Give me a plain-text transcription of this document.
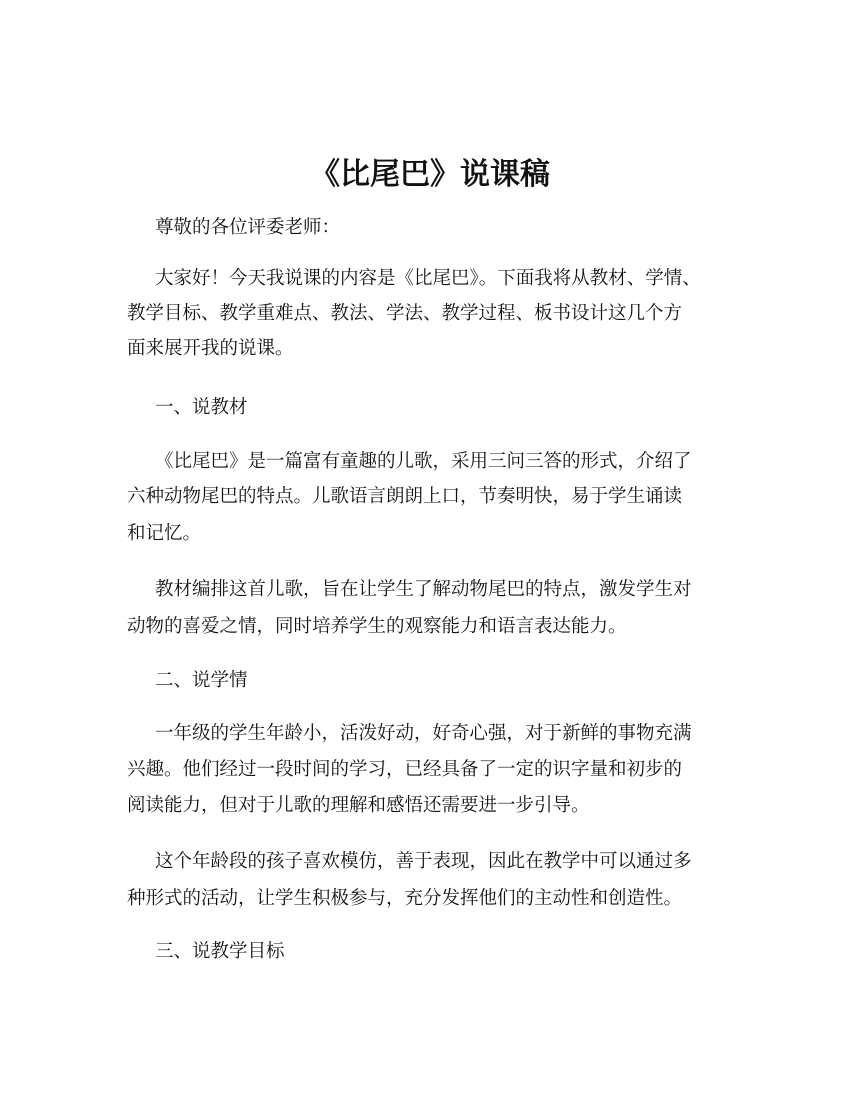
《比尾巴》说课稿
尊敬的各位评委老师：
大家好！今天我说课的内容是《比尾巴》。下面我将从教材、学情、
教学目标、教学重难点、教法、学法、教学过程、板书设计这几个方
面来展开我的说课。
一、说教材
《比尾巴》是一篇富有童趣的儿歌，采用三问三答的形式，介绍了
六种动物尾巴的特点。儿歌语言朗朗上口，节奏明快，易于学生诵读
和记忆。
教材编排这首儿歌，旨在让学生了解动物尾巴的特点，激发学生对
动物的喜爱之情，同时培养学生的观察能力和语言表达能力。
二、说学情
一年级的学生年龄小，活泼好动，好奇心强，对于新鲜的事物充满
兴趣。他们经过一段时间的学习，已经具备了一定的识字量和初步的
阅读能力，但对于儿歌的理解和感悟还需要进一步引导。
这个年龄段的孩子喜欢模仿，善于表现，因此在教学中可以通过多
种形式的活动，让学生积极参与，充分发挥他们的主动性和创造性。
三、说教学目标
